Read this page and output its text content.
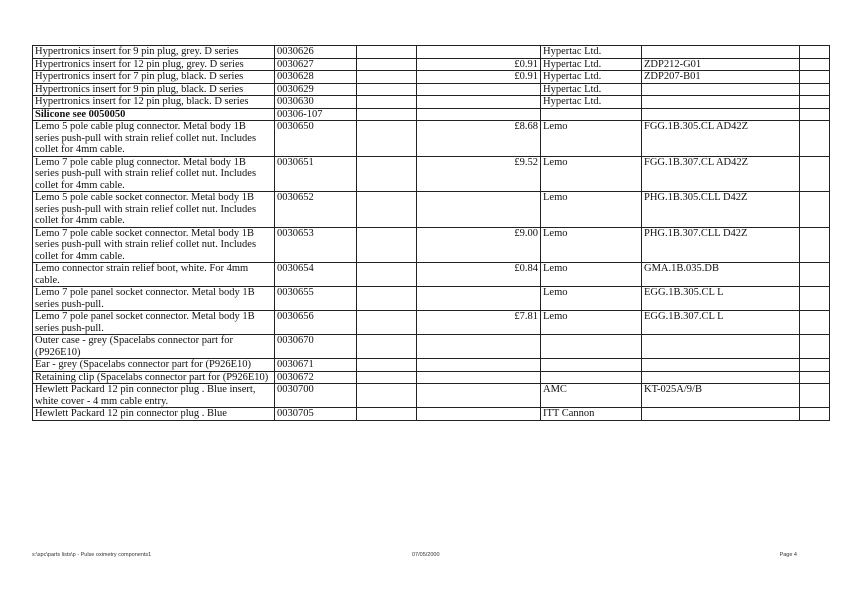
Hypertronics insert for 9 pin plug, grey. D series	0030626			Hypertac Ltd.		
Hypertronics insert for 12 pin plug, grey. D series	0030627		£0.91	Hypertac Ltd.	ZDP212-G01	
Hypertronics insert for 7 pin plug, black. D series	0030628		£0.91	Hypertac Ltd.	ZDP207-B01	
Hypertronics insert for 9 pin plug, black. D series	0030629			Hypertac Ltd.		
Hypertronics insert for 12 pin plug, black. D series	0030630			Hypertac Ltd.		
Silicone see 0050050	00306-107					
Lemo 5 pole cable plug connector. Metal body 1B series push-pull with strain relief collet nut. Includes collet for 4mm cable.	0030650		£8.68	Lemo	FGG.1B.305.CL AD42Z	
Lemo 7 pole cable plug connector. Metal body 1B series push-pull with strain relief collet nut. Includes collet for 4mm cable.	0030651		£9.52	Lemo	FGG.1B.307.CL AD42Z	
Lemo 5 pole cable socket connector. Metal body 1B series push-pull with strain relief collet nut. Includes collet for 4mm cable.	0030652			Lemo	PHG.1B.305.CLL D42Z	
Lemo 7 pole cable socket connector. Metal body 1B series push-pull with strain relief collet nut. Includes collet for 4mm cable.	0030653		£9.00	Lemo	PHG.1B.307.CLL D42Z	
Lemo connector strain relief boot, white. For 4mm cable.	0030654		£0.84	Lemo	GMA.1B.035.DB	
Lemo 7 pole panel socket connector. Metal body 1B series push-pull.	0030655			Lemo	EGG.1B.305.CL L	
Lemo 7 pole panel socket connector. Metal body 1B series push-pull.	0030656		£7.81	Lemo	EGG.1B.307.CL L	
Outer case - grey (Spacelabs connector part for (P926E10)	0030670					
Ear - grey (Spacelabs connector part for (P926E10)	0030671					
Retaining clip (Spacelabs connector part for (P926E10)	0030672					
Hewlett Packard 12 pin connector plug . Blue insert, white cover - 4 mm cable entry.	0030700			AMC	KT-025A/9/B	
Hewlett Packard 12 pin connector plug . Blue	0030705			ITT Cannon		
s:\spc\parts lists\p - Pulse oximetry components1	07/05/2000	Page 4
